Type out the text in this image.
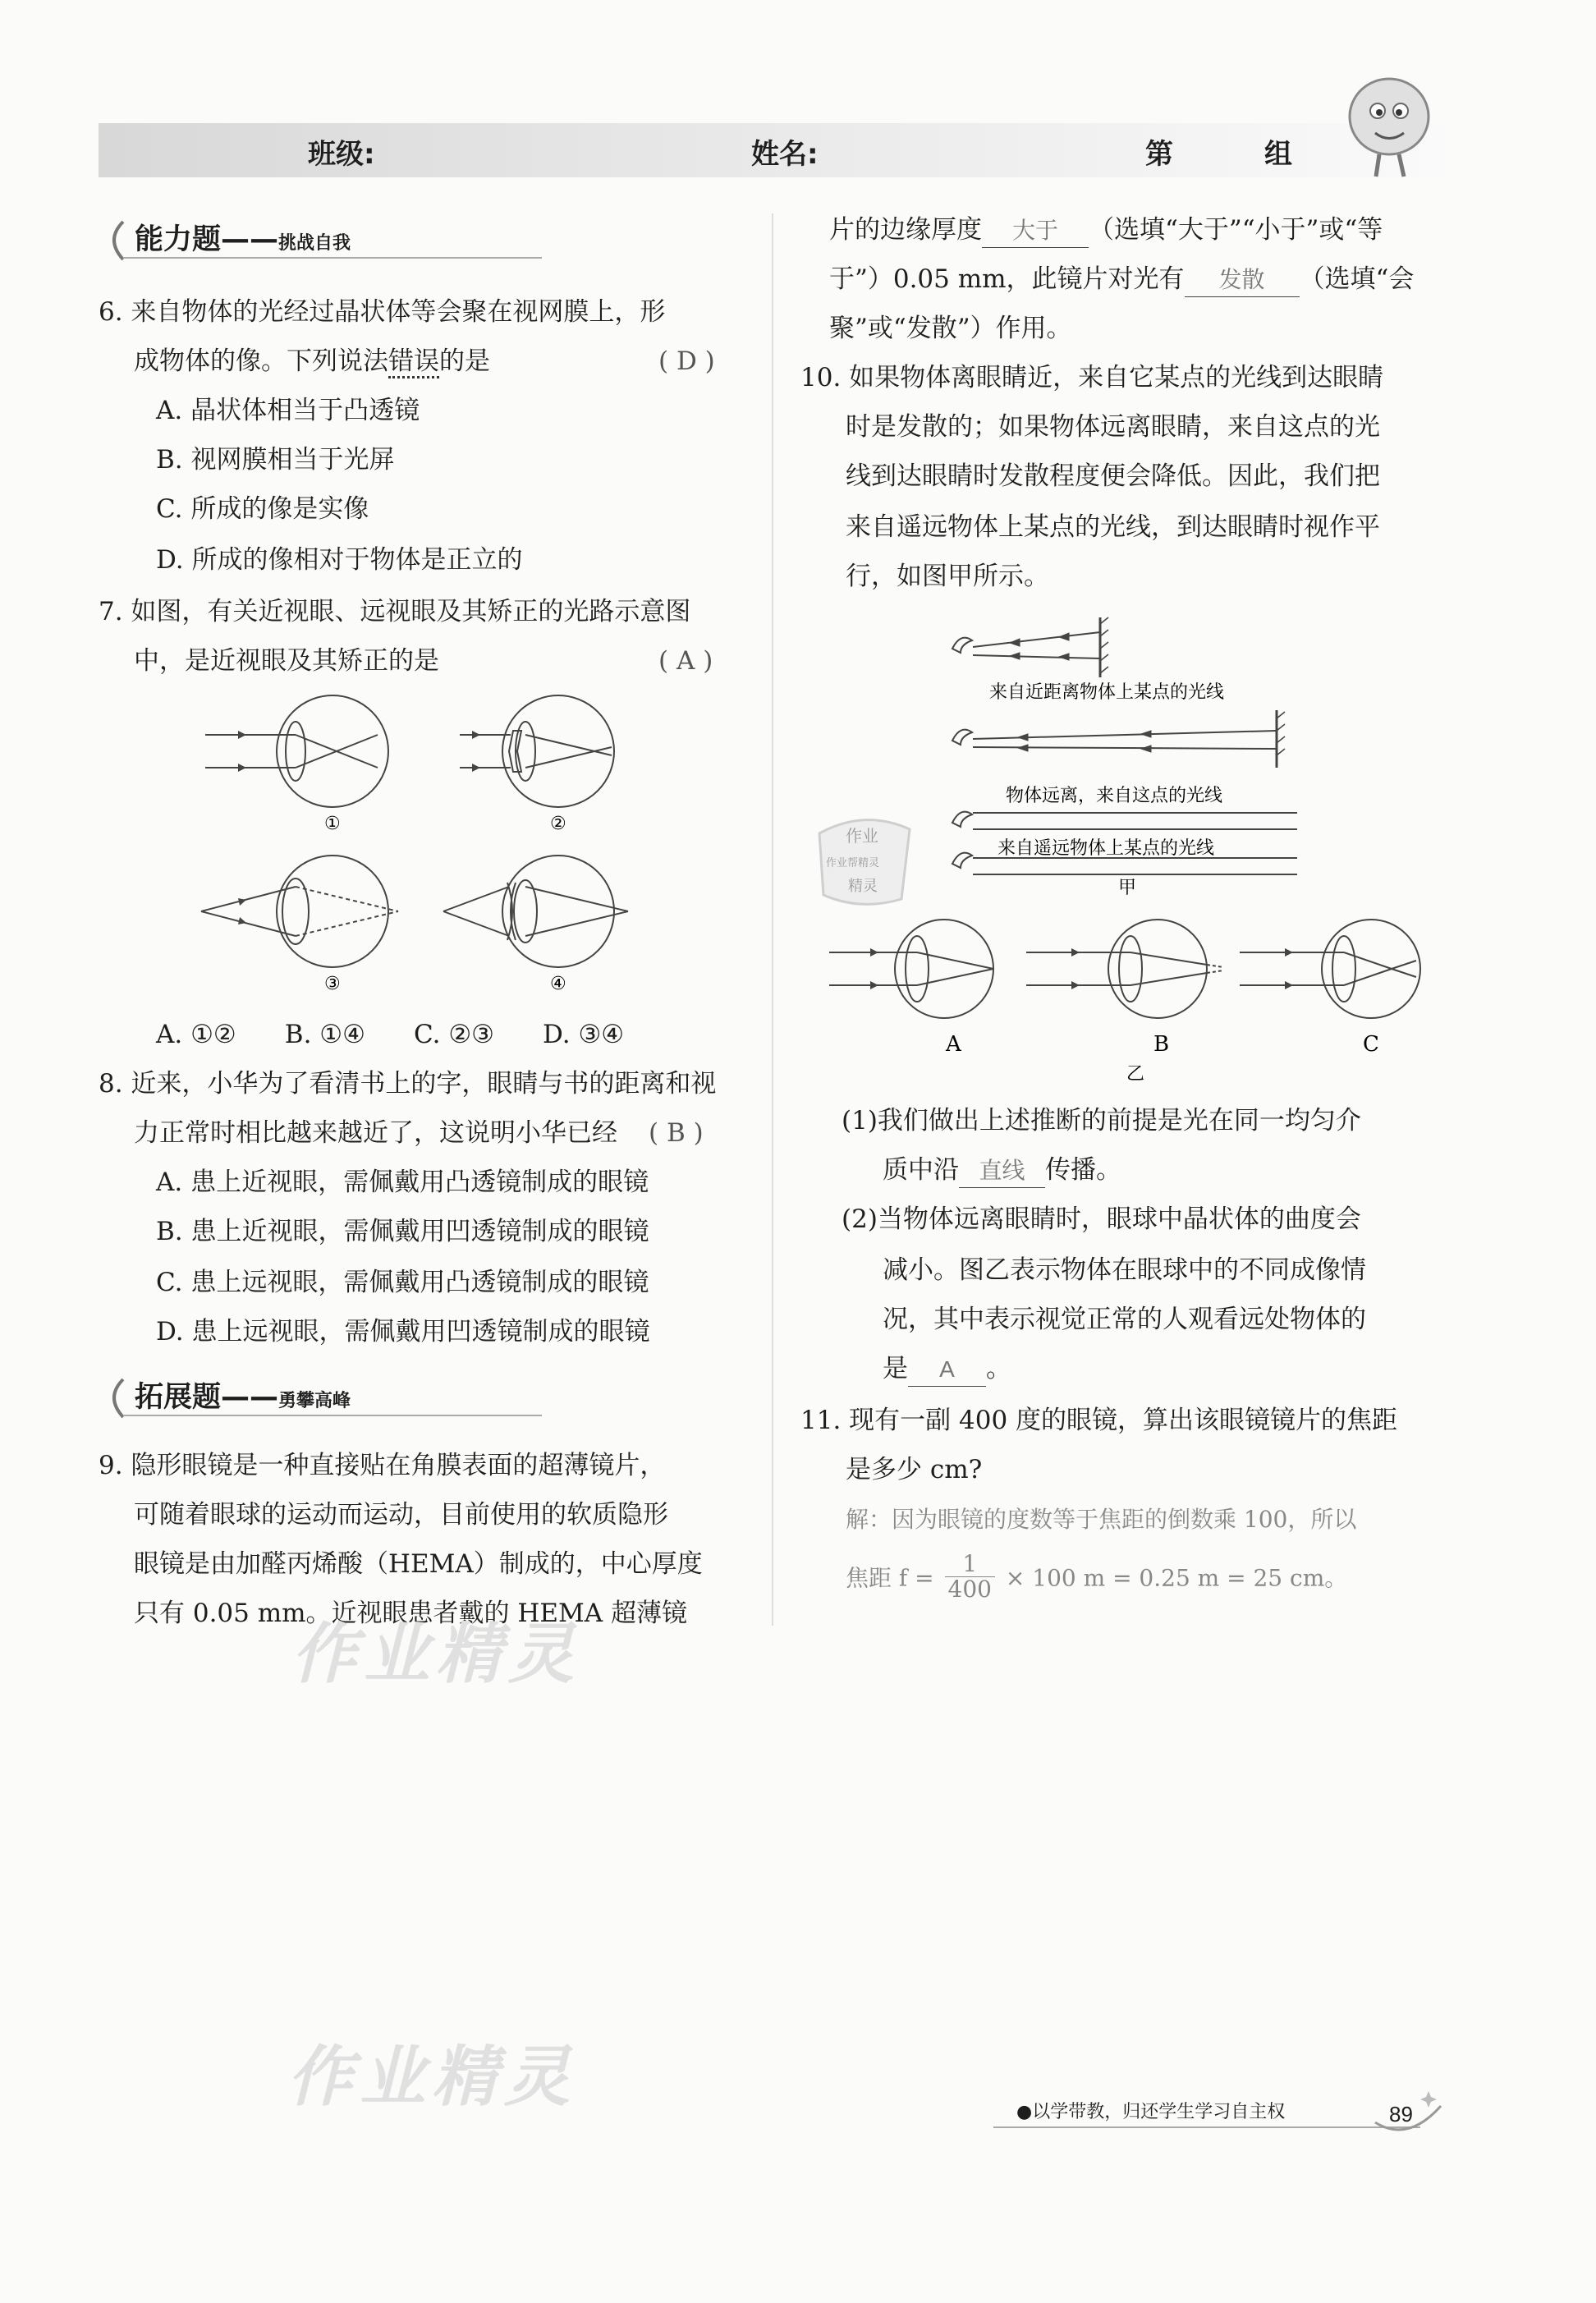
班级:	姓名:	第	组
能力题——挑战自我
6. 来自物体的光经过晶状体等会聚在视网膜上，形
成物体的像。下列说法错误的是	( D )
A. 晶状体相当于凸透镜
B. 视网膜相当于光屏
C. 所成的像是实像
D. 所成的像相对于物体是正立的
7. 如图，有关近视眼、远视眼及其矫正的光路示意图
中，是近视眼及其矫正的是	( A )
①	②
③	④
A. ①②      B. ①④      C. ②③      D. ③④
8. 近来，小华为了看清书上的字，眼睛与书的距离和视
力正常时相比越来越近了，这说明小华已经 ( B )
A. 患上近视眼，需佩戴用凸透镜制成的眼镜
B. 患上近视眼，需佩戴用凹透镜制成的眼镜
C. 患上远视眼，需佩戴用凸透镜制成的眼镜
D. 患上远视眼，需佩戴用凹透镜制成的眼镜
拓展题——勇攀高峰
9. 隐形眼镜是一种直接贴在角膜表面的超薄镜片，
可随着眼球的运动而运动，目前使用的软质隐形
眼镜是由加醛丙烯酸（HEMA）制成的，中心厚度
只有 0.05 mm。近视眼患者戴的 HEMA 超薄镜
片的边缘厚度 大于 （选填“大于”“小于”或“等
于”）0.05 mm，此镜片对光有 发散 （选填“会
聚”或“发散”）作用。
10. 如果物体离眼睛近，来自它某点的光线到达眼睛
时是发散的；如果物体远离眼睛，来自这点的光
线到达眼睛时发散程度便会降低。因此，我们把
来自遥远物体上某点的光线，到达眼睛时视作平
行，如图甲所示。
来自近距离物体上某点的光线
物体远离，来自这点的光线
来自遥远物体上某点的光线
甲
作业
作业帮精灵
精灵
A	B	C
乙
(1)我们做出上述推断的前提是光在同一均匀介
质中沿 直线 传播。
(2)当物体远离眼睛时，眼球中晶状体的曲度会
减小。图乙表示物体在眼球中的不同成像情
况，其中表示视觉正常的人观看远处物体的
是 A 。
11. 现有一副 400 度的眼镜，算出该眼镜镜片的焦距
是多少 cm?
解：因为眼镜的度数等于焦距的倒数乘 100，所以
焦距 $f = \frac{1}{400} \times 100$ m = 0.25 m = 25 cm。
作业精灵
作业精灵	●以学带教，归还学生学习自主权	89
